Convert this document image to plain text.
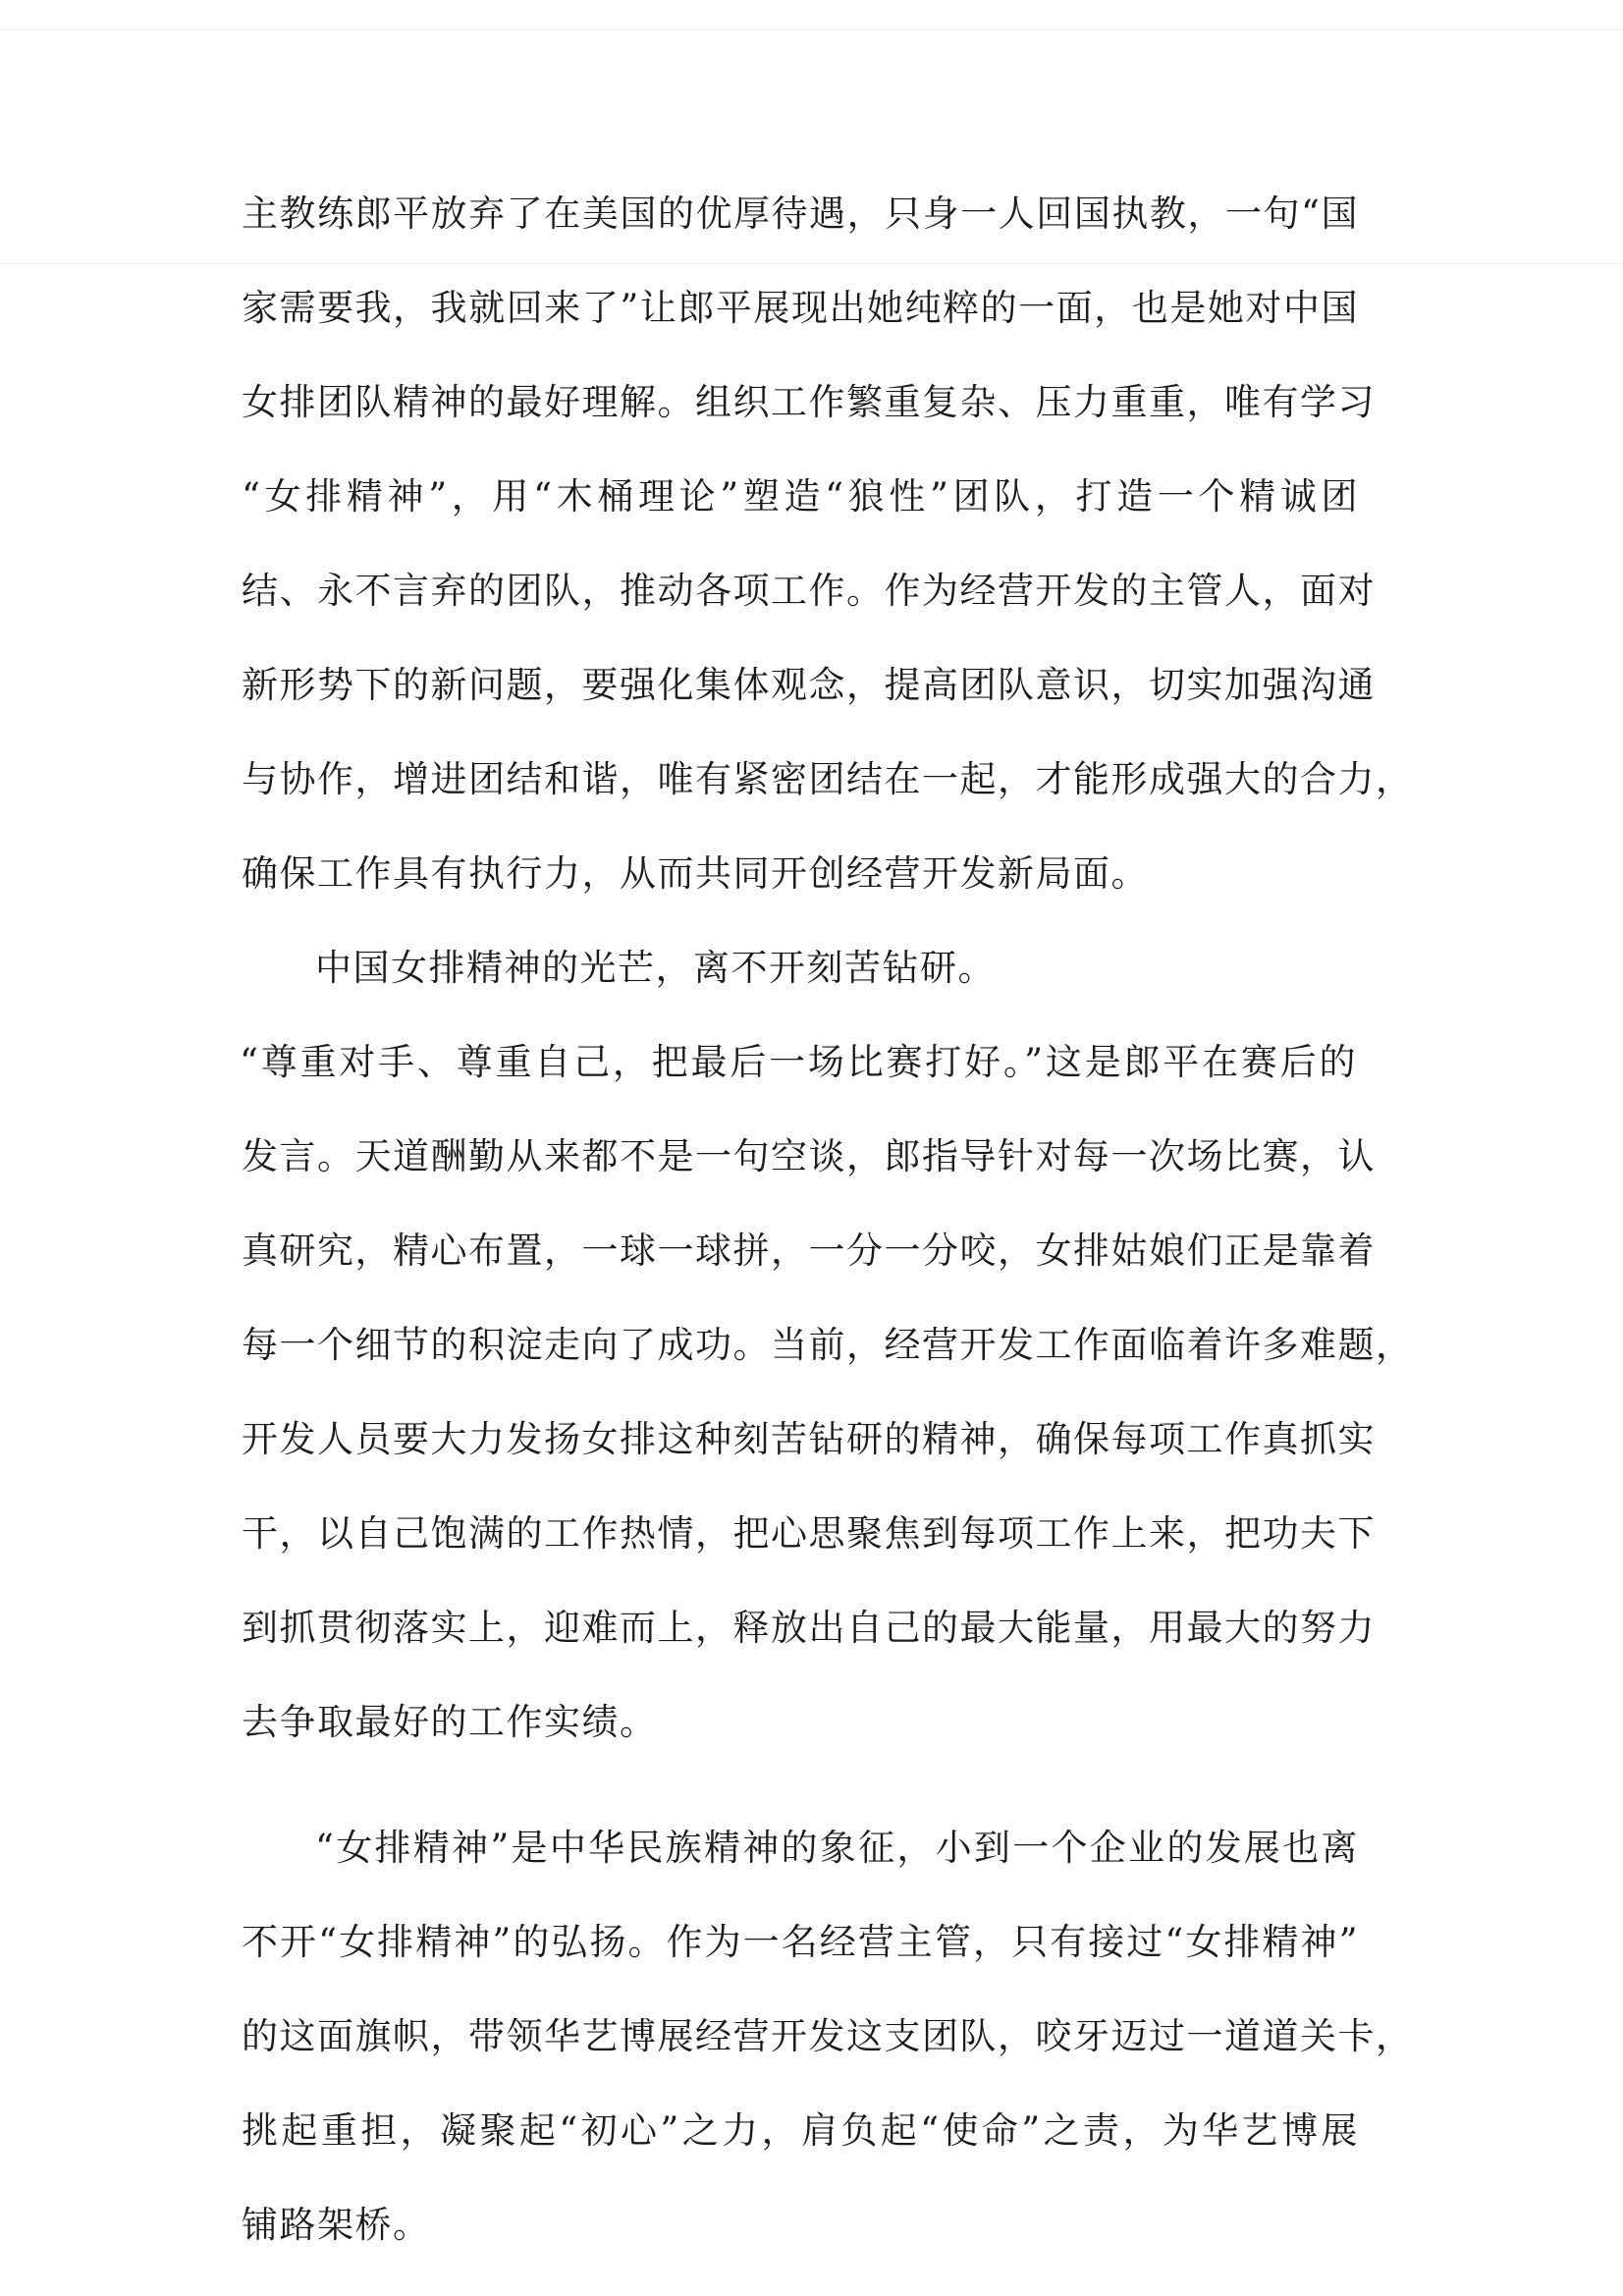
主教练郎平放弃了在美国的优厚待遇，只身一人回国执教，一句“国
家需要我，我就回来了”让郎平展现出她纯粹的一面，也是她对中国
女排团队精神的最好理解。组织工作繁重复杂、压力重重，唯有学习
“女排精神”，用“木桶理论”塑造“狼性”团队，打造一个精诚团
结、永不言弃的团队，推动各项工作。作为经营开发的主管人，面对
新形势下的新问题，要强化集体观念，提高团队意识，切实加强沟通
与协作，增进团结和谐，唯有紧密团结在一起，才能形成强大的合力，
确保工作具有执行力，从而共同开创经营开发新局面。
中国女排精神的光芒，离不开刻苦钻研。
“尊重对手、尊重自己，把最后一场比赛打好。”这是郎平在赛后的
发言。天道酬勤从来都不是一句空谈，郎指导针对每一次场比赛，认
真研究，精心布置，一球一球拼，一分一分咬，女排姑娘们正是靠着
每一个细节的积淀走向了成功。当前，经营开发工作面临着许多难题，
开发人员要大力发扬女排这种刻苦钻研的精神，确保每项工作真抓实
干，以自己饱满的工作热情，把心思聚焦到每项工作上来，把功夫下
到抓贯彻落实上，迎难而上，释放出自己的最大能量，用最大的努力
去争取最好的工作实绩。
“女排精神”是中华民族精神的象征，小到一个企业的发展也离
不开“女排精神”的弘扬。作为一名经营主管，只有接过“女排精神”
的这面旗帜，带领华艺博展经营开发这支团队，咬牙迈过一道道关卡，
挑起重担，凝聚起“初心”之力，肩负起“使命”之责，为华艺博展
铺路架桥。
